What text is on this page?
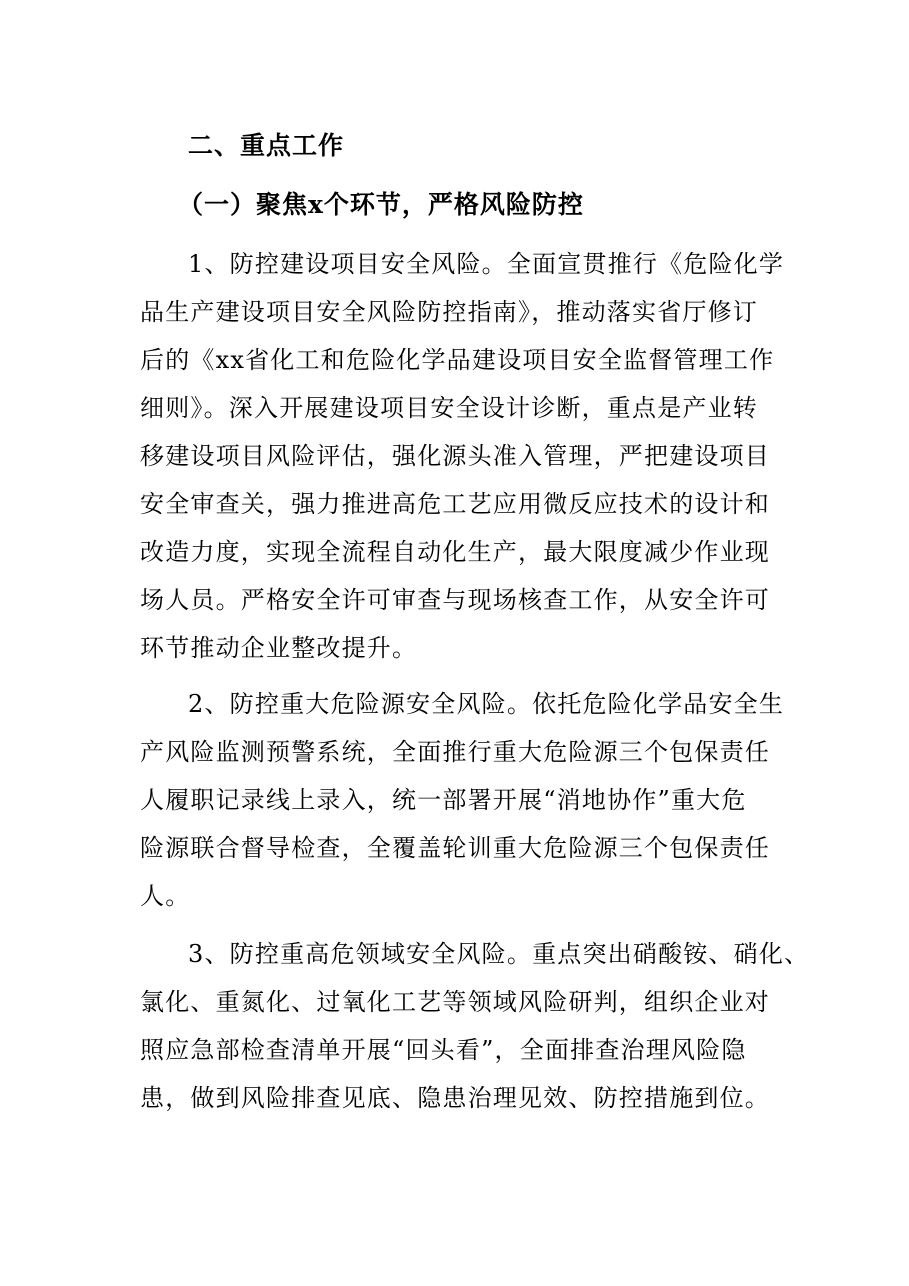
二、重点工作
（一）聚焦x个环节，严格风险防控
1、防控建设项目安全风险。全面宣贯推行《危险化学
品生产建设项目安全风险防控指南》，推动落实省厅修订
后的《xx省化工和危险化学品建设项目安全监督管理工作
细则》。深入开展建设项目安全设计诊断，重点是产业转
移建设项目风险评估，强化源头准入管理，严把建设项目
安全审查关，强力推进高危工艺应用微反应技术的设计和
改造力度，实现全流程自动化生产，最大限度减少作业现
场人员。严格安全许可审查与现场核查工作，从安全许可
环节推动企业整改提升。
2、防控重大危险源安全风险。依托危险化学品安全生
产风险监测预警系统，全面推行重大危险源三个包保责任
人履职记录线上录入，统一部署开展“消地协作”重大危
险源联合督导检查，全覆盖轮训重大危险源三个包保责任
人。
3、防控重高危领域安全风险。重点突出硝酸铵、硝化、
氯化、重氮化、过氧化工艺等领域风险研判，组织企业对
照应急部检查清单开展“回头看”，全面排查治理风险隐
患，做到风险排查见底、隐患治理见效、防控措施到位。
